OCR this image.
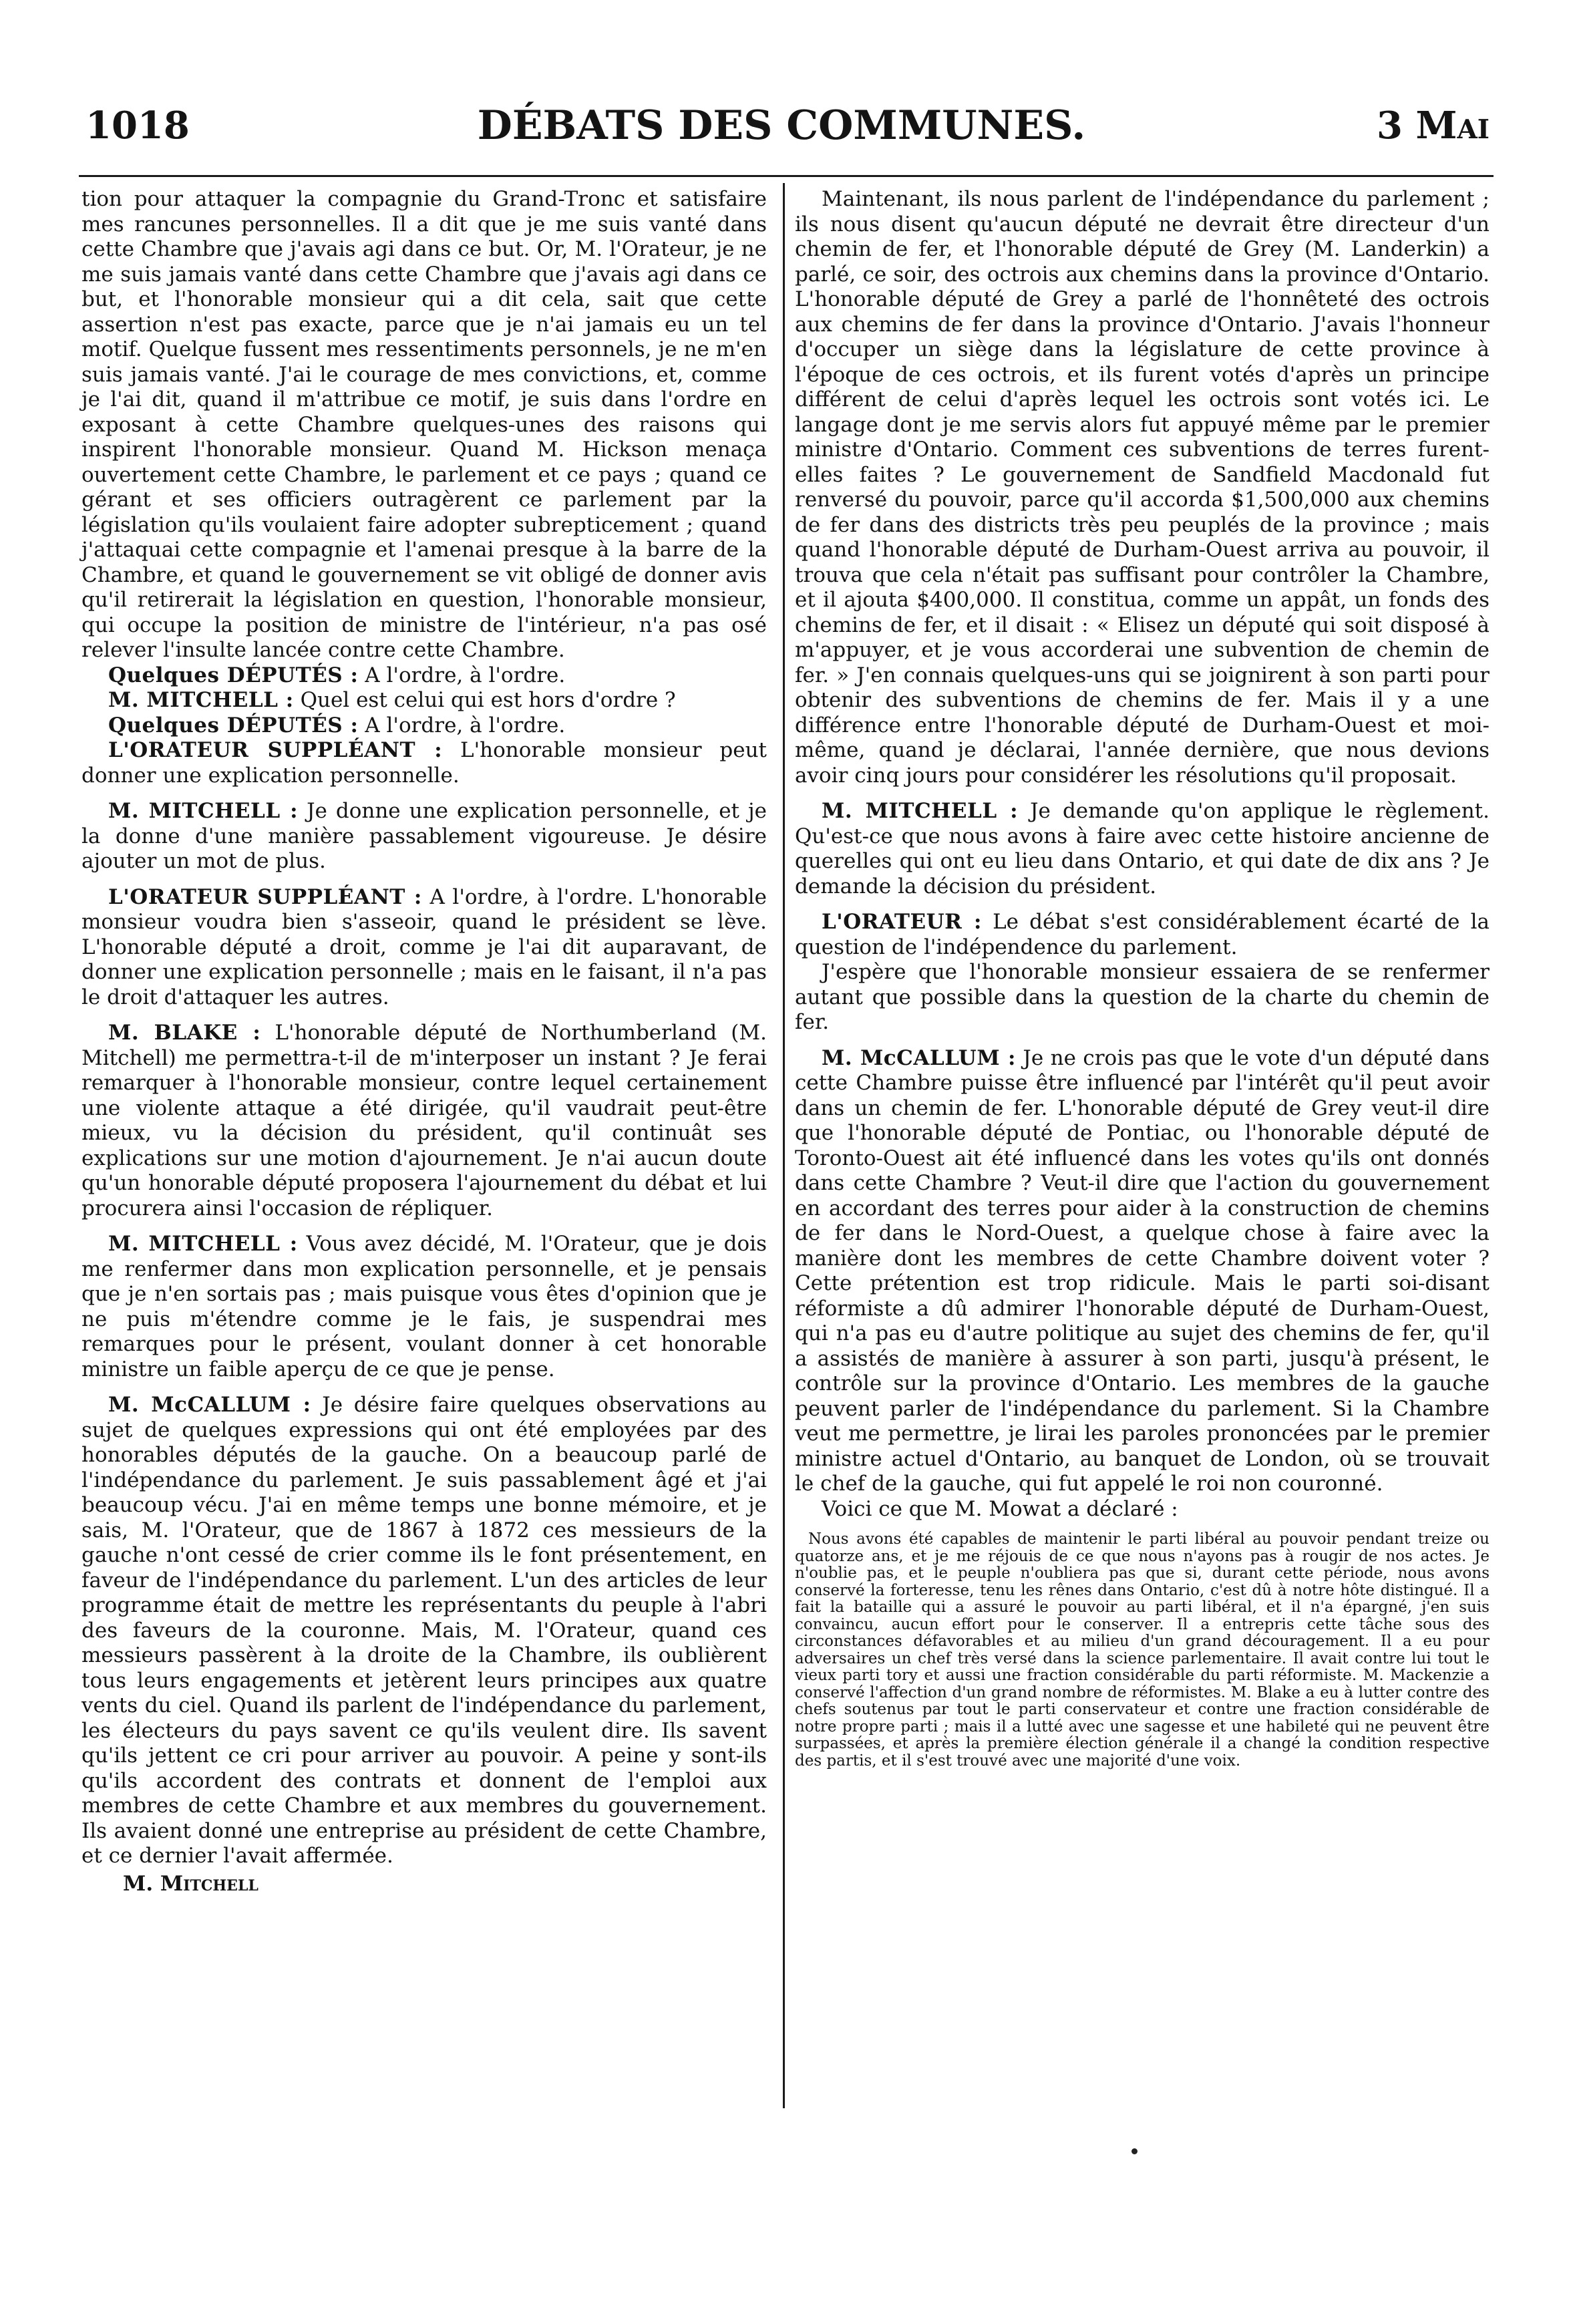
1018	DÉBATS DES COMMUNES.	3 Mai

tion pour attaquer la compagnie du Grand-Tronc et satisfaire mes rancunes personnelles. Il a dit que je me suis vanté dans cette Chambre que j'avais agi dans ce but. Or, M. l'Orateur, je ne me suis jamais vanté dans cette Chambre que j'avais agi dans ce but, et l'honorable monsieur qui a dit cela, sait que cette assertion n'est pas exacte, parce que je n'ai jamais eu un tel motif. Quelque fussent mes ressentiments personnels, je ne m'en suis jamais vanté. J'ai le courage de mes convictions, et, comme je l'ai dit, quand il m'attribue ce motif, je suis dans l'ordre en exposant à cette Chambre quelques-unes des raisons qui inspirent l'honorable monsieur. Quand M. Hickson menaça ouvertement cette Chambre, le parlement et ce pays ; quand ce gérant et ses officiers outragèrent ce parlement par la législation qu'ils voulaient faire adopter subrepticement ; quand j'attaquai cette compagnie et l'amenai presque à la barre de la Chambre, et quand le gouvernement se vit obligé de donner avis qu'il retirerait la législation en question, l'honorable monsieur, qui occupe la position de ministre de l'intérieur, n'a pas osé relever l'insulte lancée contre cette Chambre.

Quelques DÉPUTÉS : A l'ordre, à l'ordre.

M. MITCHELL : Quel est celui qui est hors d'ordre ?

Quelques DÉPUTÉS : A l'ordre, à l'ordre.

L'ORATEUR SUPPLÉANT : L'honorable monsieur peut donner une explication personnelle.

M. MITCHELL : Je donne une explication personnelle, et je la donne d'une manière passablement vigoureuse. Je désire ajouter un mot de plus.

L'ORATEUR SUPPLÉANT : A l'ordre, à l'ordre. L'honorable monsieur voudra bien s'asseoir, quand le président se lève. L'honorable député a droit, comme je l'ai dit auparavant, de donner une explication personnelle ; mais en le faisant, il n'a pas le droit d'attaquer les autres.

M. BLAKE : L'honorable député de Northumberland (M. Mitchell) me permettra-t-il de m'interposer un instant ? Je ferai remarquer à l'honorable monsieur, contre lequel certainement une violente attaque a été dirigée, qu'il vaudrait peut-être mieux, vu la décision du président, qu'il continuât ses explications sur une motion d'ajournement. Je n'ai aucun doute qu'un honorable député proposera l'ajournement du débat et lui procurera ainsi l'occasion de répliquer.

M. MITCHELL : Vous avez décidé, M. l'Orateur, que je dois me renfermer dans mon explication personnelle, et je pensais que je n'en sortais pas ; mais puisque vous êtes d'opinion que je ne puis m'étendre comme je le fais, je suspendrai mes remarques pour le présent, voulant donner à cet honorable ministre un faible aperçu de ce que je pense.

M. McCALLUM : Je désire faire quelques observations au sujet de quelques expressions qui ont été employées par des honorables députés de la gauche. On a beaucoup parlé de l'indépendance du parlement. Je suis passablement âgé et j'ai beaucoup vécu. J'ai en même temps une bonne mémoire, et je sais, M. l'Orateur, que de 1867 à 1872 ces messieurs de la gauche n'ont cessé de crier comme ils le font présentement, en faveur de l'indépendance du parlement. L'un des articles de leur programme était de mettre les représentants du peuple à l'abri des faveurs de la couronne. Mais, M. l'Orateur, quand ces messieurs passèrent à la droite de la Chambre, ils oublièrent tous leurs engagements et jetèrent leurs principes aux quatre vents du ciel. Quand ils parlent de l'indépendance du parlement, les électeurs du pays savent ce qu'ils veulent dire. Ils savent qu'ils jettent ce cri pour arriver au pouvoir. A peine y sont-ils qu'ils accordent des contrats et donnent de l'emploi aux membres de cette Chambre et aux membres du gouvernement. Ils avaient donné une entreprise au président de cette Chambre, et ce dernier l'avait affermée.

M. Mitchell

Maintenant, ils nous parlent de l'indépendance du parlement ; ils nous disent qu'aucun député ne devrait être directeur d'un chemin de fer, et l'honorable député de Grey (M. Landerkin) a parlé, ce soir, des octrois aux chemins dans la province d'Ontario. L'honorable député de Grey a parlé de l'honnêteté des octrois aux chemins de fer dans la province d'Ontario. J'avais l'honneur d'occuper un siège dans la législature de cette province à l'époque de ces octrois, et ils furent votés d'après un principe différent de celui d'après lequel les octrois sont votés ici. Le langage dont je me servis alors fut appuyé même par le premier ministre d'Ontario. Comment ces subventions de terres furent-elles faites ? Le gouvernement de Sandfield Macdonald fut renversé du pouvoir, parce qu'il accorda $1,500,000 aux chemins de fer dans des districts très peu peuplés de la province ; mais quand l'honorable député de Durham-Ouest arriva au pouvoir, il trouva que cela n'était pas suffisant pour contrôler la Chambre, et il ajouta $400,000. Il constitua, comme un appât, un fonds des chemins de fer, et il disait : « Elisez un député qui soit disposé à m'appuyer, et je vous accorderai une subvention de chemin de fer. » J'en connais quelques-uns qui se joignirent à son parti pour obtenir des subventions de chemins de fer. Mais il y a une différence entre l'honorable député de Durham-Ouest et moi-même, quand je déclarai, l'année dernière, que nous devions avoir cinq jours pour considérer les résolutions qu'il proposait.

M. MITCHELL : Je demande qu'on applique le règlement. Qu'est-ce que nous avons à faire avec cette histoire ancienne de querelles qui ont eu lieu dans Ontario, et qui date de dix ans ? Je demande la décision du président.

L'ORATEUR : Le débat s'est considérablement écarté de la question de l'indépendence du parlement.

J'espère que l'honorable monsieur essaiera de se renfermer autant que possible dans la question de la charte du chemin de fer.

M. McCALLUM : Je ne crois pas que le vote d'un député dans cette Chambre puisse être influencé par l'intérêt qu'il peut avoir dans un chemin de fer. L'honorable député de Grey veut-il dire que l'honorable député de Pontiac, ou l'honorable député de Toronto-Ouest ait été influencé dans les votes qu'ils ont donnés dans cette Chambre ? Veut-il dire que l'action du gouvernement en accordant des terres pour aider à la construction de chemins de fer dans le Nord-Ouest, a quelque chose à faire avec la manière dont les membres de cette Chambre doivent voter ? Cette prétention est trop ridicule. Mais le parti soi-disant réformiste a dû admirer l'honorable député de Durham-Ouest, qui n'a pas eu d'autre politique au sujet des chemins de fer, qu'il a assistés de manière à assurer à son parti, jusqu'à présent, le contrôle sur la province d'Ontario. Les membres de la gauche peuvent parler de l'indépendance du parlement. Si la Chambre veut me permettre, je lirai les paroles prononcées par le premier ministre actuel d'Ontario, au banquet de London, où se trouvait le chef de la gauche, qui fut appelé le roi non couronné.

Voici ce que M. Mowat a déclaré :

Nous avons été capables de maintenir le parti libéral au pouvoir pendant treize ou quatorze ans, et je me réjouis de ce que nous n'ayons pas à rougir de nos actes. Je n'oublie pas, et le peuple n'oubliera pas que si, durant cette période, nous avons conservé la forteresse, tenu les rênes dans Ontario, c'est dû à notre hôte distingué. Il a fait la bataille qui a assuré le pouvoir au parti libéral, et il n'a épargné, j'en suis convaincu, aucun effort pour le conserver. Il a entrepris cette tâche sous des circonstances défavorables et au milieu d'un grand découragement. Il a eu pour adversaires un chef très versé dans la science parlementaire. Il avait contre lui tout le vieux parti tory et aussi une fraction considérable du parti réformiste. M. Mackenzie a conservé l'affection d'un grand nombre de réformistes. M. Blake a eu à lutter contre des chefs soutenus par tout le parti conservateur et contre une fraction considérable de notre propre parti ; mais il a lutté avec une sagesse et une habileté qui ne peuvent être surpassées, et après la première élection générale il a changé la condition respective des partis, et il s'est trouvé avec une majorité d'une voix.
